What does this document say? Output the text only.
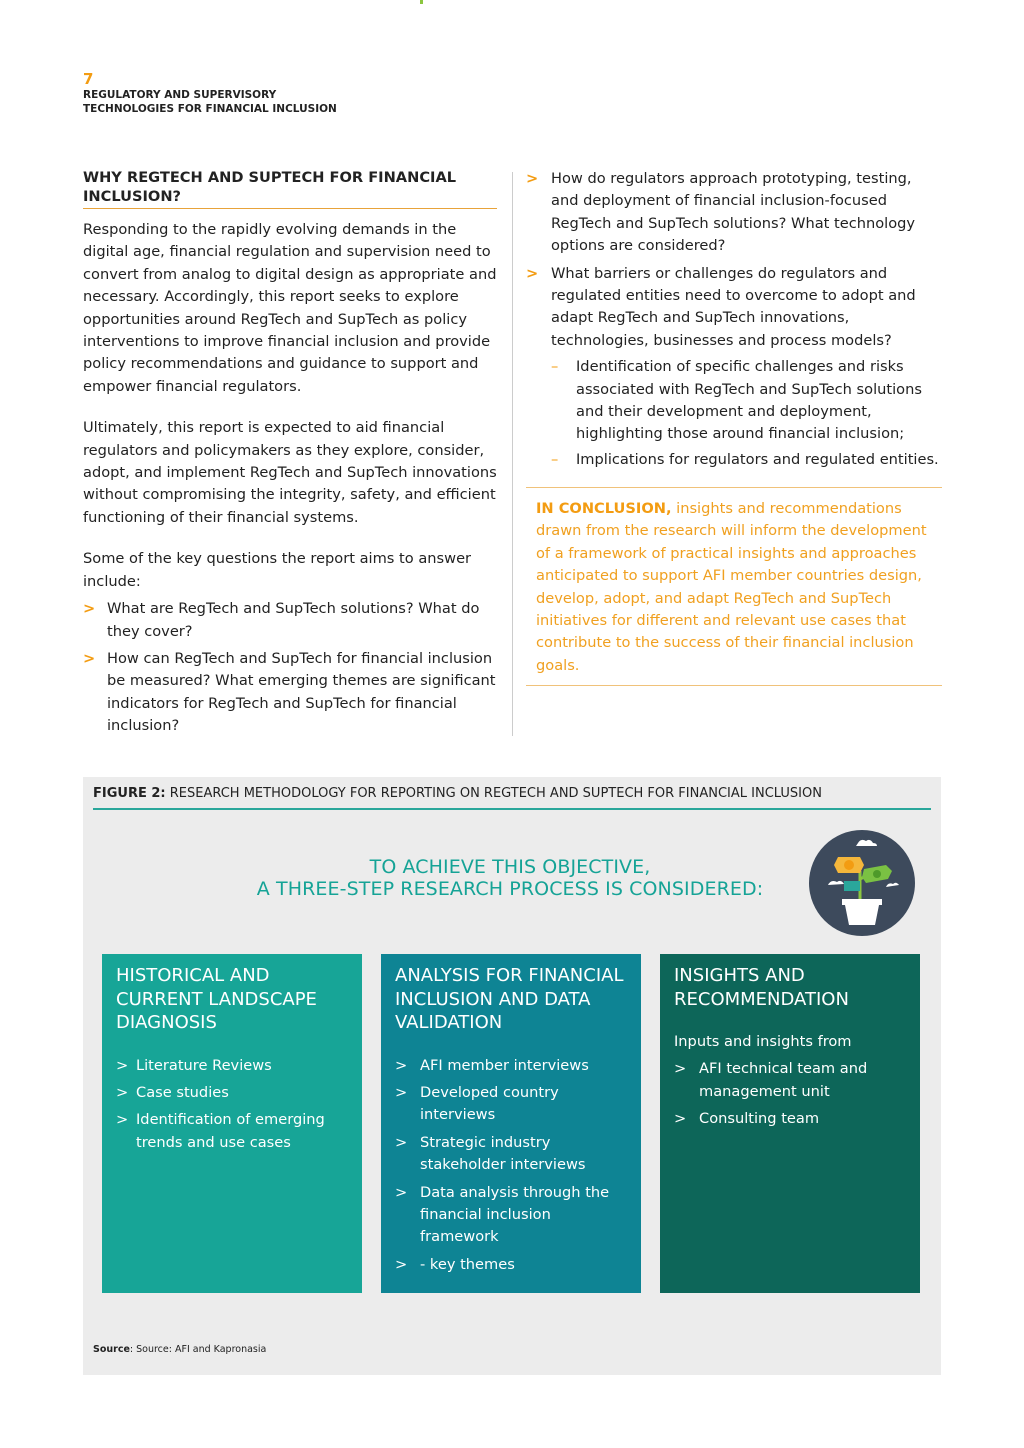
7
REGULATORY AND SUPERVISORY
TECHNOLOGIES FOR FINANCIAL INCLUSION
WHY REGTECH AND SUPTECH FOR FINANCIAL INCLUSION?

Responding to the rapidly evolving demands in the digital age, financial regulation and supervision need to convert from analog to digital design as appropriate and necessary. Accordingly, this report seeks to explore opportunities around RegTech and SupTech as policy interventions to improve financial inclusion and provide policy recommendations and guidance to support and empower financial regulators.

Ultimately, this report is expected to aid financial regulators and policymakers as they explore, consider, adopt, and implement RegTech and SupTech innovations without compromising the integrity, safety, and efficient functioning of their financial systems.

Some of the key questions the report aims to answer include:

> What are RegTech and SupTech solutions? What do they cover?
> How can RegTech and SupTech for financial inclusion be measured? What emerging themes are significant indicators for RegTech and SupTech for financial inclusion?
> How do regulators approach prototyping, testing, and deployment of financial inclusion-focused RegTech and SupTech solutions? What technology options are considered?
> What barriers or challenges do regulators and regulated entities need to overcome to adopt and adapt RegTech and SupTech innovations, technologies, businesses and process models?
– Identification of specific challenges and risks associated with RegTech and SupTech solutions and their development and deployment, highlighting those around financial inclusion;
– Implications for regulators and regulated entities.

IN CONCLUSION, insights and recommendations drawn from the research will inform the development of a framework of practical insights and approaches anticipated to support AFI member countries design, develop, adopt, and adapt RegTech and SupTech initiatives for different and relevant use cases that contribute to the success of their financial inclusion goals.

FIGURE 2: RESEARCH METHODOLOGY FOR REPORTING ON REGTECH AND SUPTECH FOR FINANCIAL INCLUSION
TO ACHIEVE THIS OBJECTIVE,
A THREE-STEP RESEARCH PROCESS IS CONSIDERED:
HISTORICAL AND CURRENT LANDSCAPE DIAGNOSIS
> Literature Reviews
> Case studies
> Identification of emerging trends and use cases
ANALYSIS FOR FINANCIAL INCLUSION AND DATA VALIDATION
> AFI member interviews
> Developed country interviews
> Strategic industry stakeholder interviews
> Data analysis through the financial inclusion framework
> - key themes
INSIGHTS AND RECOMMENDATION
Inputs and insights from
> AFI technical team and management unit
> Consulting team
Source: Source: AFI and Kapronasia
